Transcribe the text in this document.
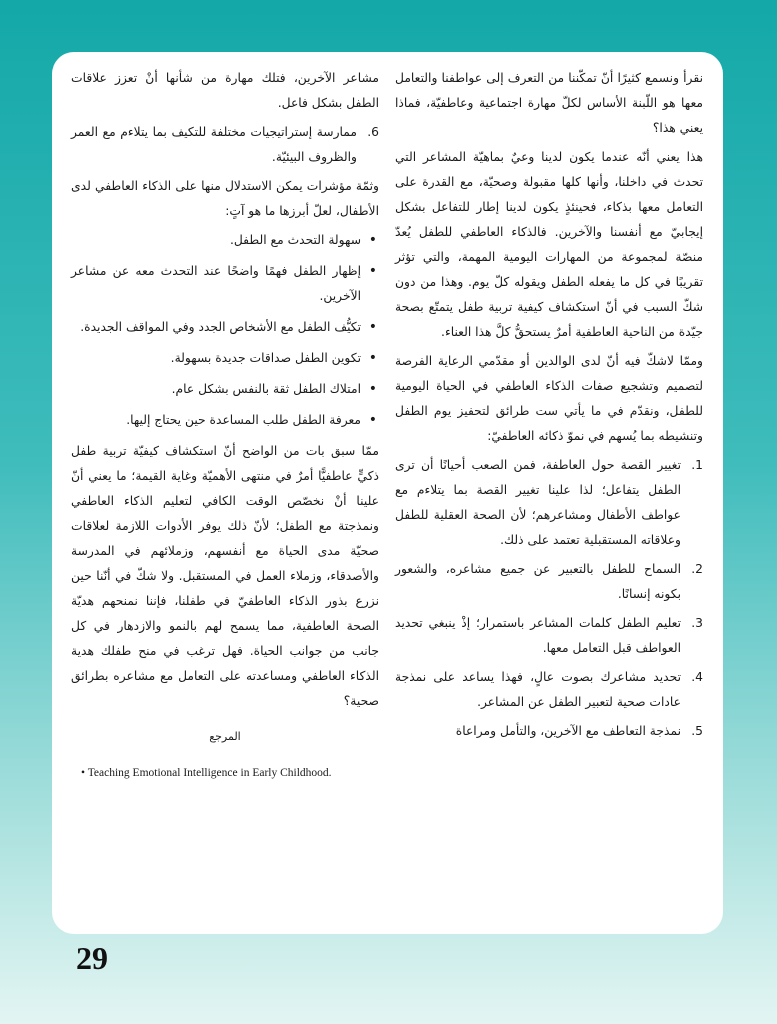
نقرأ ونسمع كثيرًا أنّ تمكّننا من التعرف إلى عواطفنا والتعامل معها هو اللّبنة الأساس لكلّ مهارة اجتماعية وعاطفيّة، فماذا يعني هذا؟

هذا يعني أنّه عندما يكون لدينا وعيٌ بماهيّة المشاعر التي تحدث في داخلنا، وأنها كلها مقبولة وصحيّة، مع القدرة على التعامل معها بذكاء، فحينئذٍ يكون لدينا إطار للتفاعل بشكل إيجابيّ مع أنفسنا والآخرين. فالذكاء العاطفي للطفل يُعدّ منصّة لمجموعة من المهارات اليومية المهمة، والتي تؤثر تقريبًا في كل ما يفعله الطفل ويقوله كلّ يوم. وهذا من دون شكّ السبب في أنّ استكشاف كيفية تربية طفل يتمتّع بصحة جيّدة من الناحية العاطفية أمرٌ يستحقُّ كلَّ هذا العناء.

وممّا لاشكّ فيه أنّ لدى الوالدين أو مقدّمي الرعاية الفرصة لتصميم وتشجيع صفات الذكاء العاطفي في الحياة اليومية للطفل، ونقدّم في ما يأتي ست طرائق لتحفيز يوم الطفل وتنشيطه بما يُسهم في نموّ ذكائه العاطفيّ:

1.
تغيير القصة حول العاطفة، فمن الصعب أحيانًا أن ترى الطفل يتفاعل؛ لذا علينا تغيير القصة بما يتلاءم مع عواطف الأطفال ومشاعرهم؛ لأن الصحة العقلية للطفل وعلاقاته المستقبلية تعتمد على ذلك.
2.
السماح للطفل بالتعبير عن جميع مشاعره، والشعور بكونه إنسانًا.
3.
تعليم الطفل كلمات المشاعر باستمرار؛ إذْ ينبغي تحديد العواطف قبل التعامل معها.
4.
تحديد مشاعرك بصوت عالٍ، فهذا يساعد على نمذجة عادات صحية لتعبير الطفل عن المشاعر.
5.
نمذجة التعاطف مع الآخرين، والتأمل ومراعاة

مشاعر الآخرين، فتلك مهارة من شأنها أنْ تعزز علاقات الطفل بشكل فاعل.

6.
ممارسة إستراتيجيات مختلفة للتكيف بما يتلاءم مع العمر والظروف البيئيّة.

وثمّة مؤشرات يمكن الاستدلال منها على الذكاء العاطفي لدى الأطفال، لعلّ أبرزها ما هو آتٍ:

•
سهولة التحدث مع الطفل.
•
إظهار الطفل فهمًا واضحًا عند التحدث معه عن مشاعر الآخرين.
•
تكيُّف الطفل مع الأشخاص الجدد وفي المواقف الجديدة.
•
تكوين الطفل صداقات جديدة بسهولة.
•
امتلاك الطفل ثقة بالنفس بشكل عام.
•
معرفة الطفل طلب المساعدة حين يحتاج إليها.

ممّا سبق بات من الواضح أنّ استكشاف كيفيّة تربية طفل ذكيٍّ عاطفيًّا أمرٌ في منتهى الأهميّة وغاية القيمة؛ ما يعني أنّ علينا أنْ نخصّص الوقت الكافي لتعليم الذكاء العاطفي ونمذجتة مع الطفل؛ لأنّ ذلك يوفر الأدوات اللازمة لعلاقات صحيّة مدى الحياة مع أنفسهم، وزملائهم في المدرسة والأصدقاء، وزملاء العمل في المستقبل. ولا شكّ في أنّنا حين نزرع بذور الذكاء العاطفيّ في طفلنا، فإننا نمنحهم هديّة الصحة العاطفية، مما يسمح لهم بالنمو والازدهار في كل جانب من جوانب الحياة. فهل ترغب في منح طفلك هدية الذكاء العاطفي ومساعدته على التعامل مع مشاعره بطرائق صحية؟

المرجع
• Teaching Emotional Intelligence in Early Childhood.
29
